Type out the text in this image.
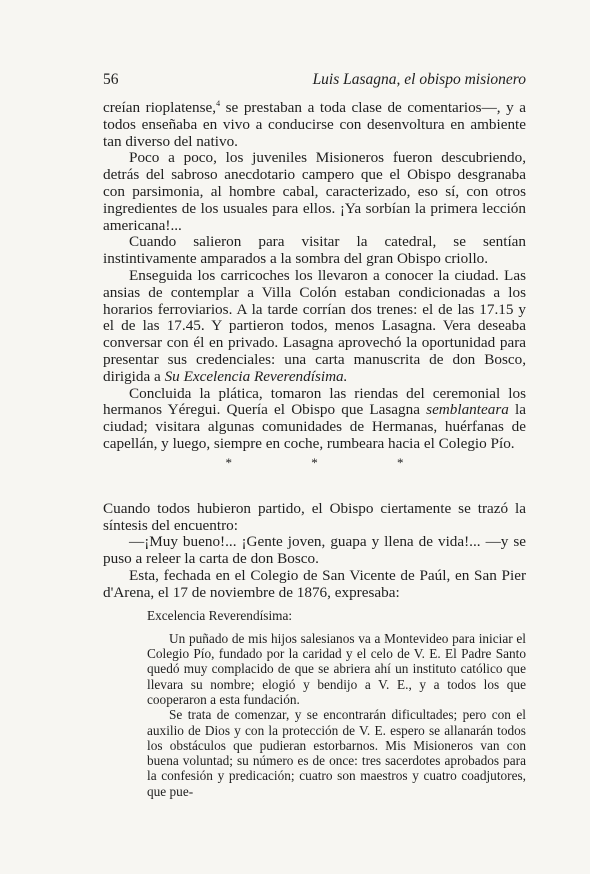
56	Luis Lasagna, el obispo misionero

creían rioplatense,$^4$ se prestaban a toda clase de comentarios—, y a todos enseñaba en vivo a conducirse con desenvoltura en ambiente tan diverso del nativo.

Poco a poco, los juveniles Misioneros fueron descubriendo, detrás del sabroso anecdotario campero que el Obispo desgranaba con parsimonia, al hombre cabal, caracterizado, eso sí, con otros ingredientes de los usuales para ellos. ¡Ya sorbían la primera lección americana!...

Cuando salieron para visitar la catedral, se sentían instintivamente amparados a la sombra del gran Obispo criollo.

Enseguida los carricoches los llevaron a conocer la ciudad. Las ansias de contemplar a Villa Colón estaban condicionadas a los horarios ferroviarios. A la tarde corrían dos trenes: el de las 17.15 y el de las 17.45. Y partieron todos, menos Lasagna. Vera deseaba conversar con él en privado. Lasagna aprovechó la oportunidad para presentar sus credenciales: una carta manuscrita de don Bosco, dirigida a Su Excelencia Reverendísima.

Concluida la plática, tomaron las riendas del ceremonial los hermanos Yéregui. Quería el Obispo que Lasagna semblanteara la ciudad; visitara algunas comunidades de Hermanas, huérfanas de capellán, y luego, siempre en coche, rumbeara hacia el Colegio Pío.

* * *

Cuando todos hubieron partido, el Obispo ciertamente se trazó la síntesis del encuentro:

—¡Muy bueno!... ¡Gente joven, guapa y llena de vida!... —y se puso a releer la carta de don Bosco.

Esta, fechada en el Colegio de San Vicente de Paúl, en San Pier d'Arena, el 17 de noviembre de 1876, expresaba:

Excelencia Reverendísima:

Un puñado de mis hijos salesianos va a Montevideo para iniciar el Colegio Pío, fundado por la caridad y el celo de V. E. El Padre Santo quedó muy complacido de que se abriera ahí un instituto católico que llevara su nombre; elogió y bendijo a V. E., y a todos los que cooperaron a esta fundación.

Se trata de comenzar, y se encontrarán dificultades; pero con el auxilio de Dios y con la protección de V. E. espero se allanarán todos los obstáculos que pudieran estorbarnos. Mis Misioneros van con buena voluntad; su número es de once: tres sacerdotes aprobados para la confesión y predicación; cuatro son maestros y cuatro coadjutores, que pue-
